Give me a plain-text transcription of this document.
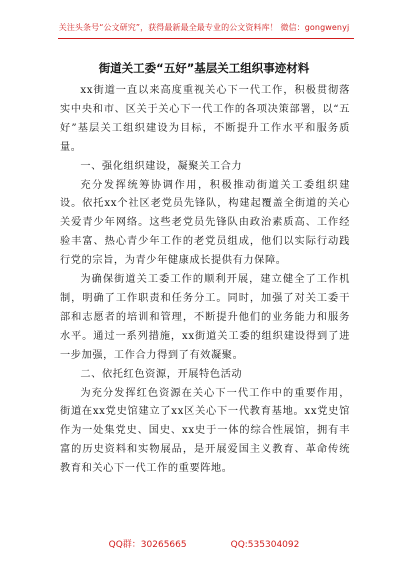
关注头条号“公文研究”，获得最新最全最专业的公文资料库！ 微信：gongwenyj
街道关工委“五好”基层关工组织事迹材料

xx街道一直以来高度重视关心下一代工作，积极贯彻落实中央和市、区关于关心下一代工作的各项决策部署，以“五好”基层关工组织建设为目标，不断提升工作水平和服务质量。

一、强化组织建设，凝聚关工合力

充分发挥统筹协调作用，积极推动街道关工委组织建设。依托xx个社区老党员先锋队，构建起覆盖全街道的关心关爱青少年网络。这些老党员先锋队由政治素质高、工作经验丰富、热心青少年工作的老党员组成，他们以实际行动践行党的宗旨，为青少年健康成长提供有力保障。

为确保街道关工委工作的顺利开展，建立健全了工作机制，明确了工作职责和任务分工。同时，加强了对关工委干部和志愿者的培训和管理，不断提升他们的业务能力和服务水平。通过一系列措施，xx街道关工委的组织建设得到了进一步加强，工作合力得到了有效凝聚。

二、依托红色资源，开展特色活动

为充分发挥红色资源在关心下一代工作中的重要作用，街道在xx党史馆建立了xx区关心下一代教育基地。xx党史馆作为一处集党史、国史、xx史于一体的综合性展馆，拥有丰富的历史资料和实物展品，是开展爱国主义教育、革命传统教育和关心下一代工作的重要阵地。

QQ群：30265665	QQ:535304092
